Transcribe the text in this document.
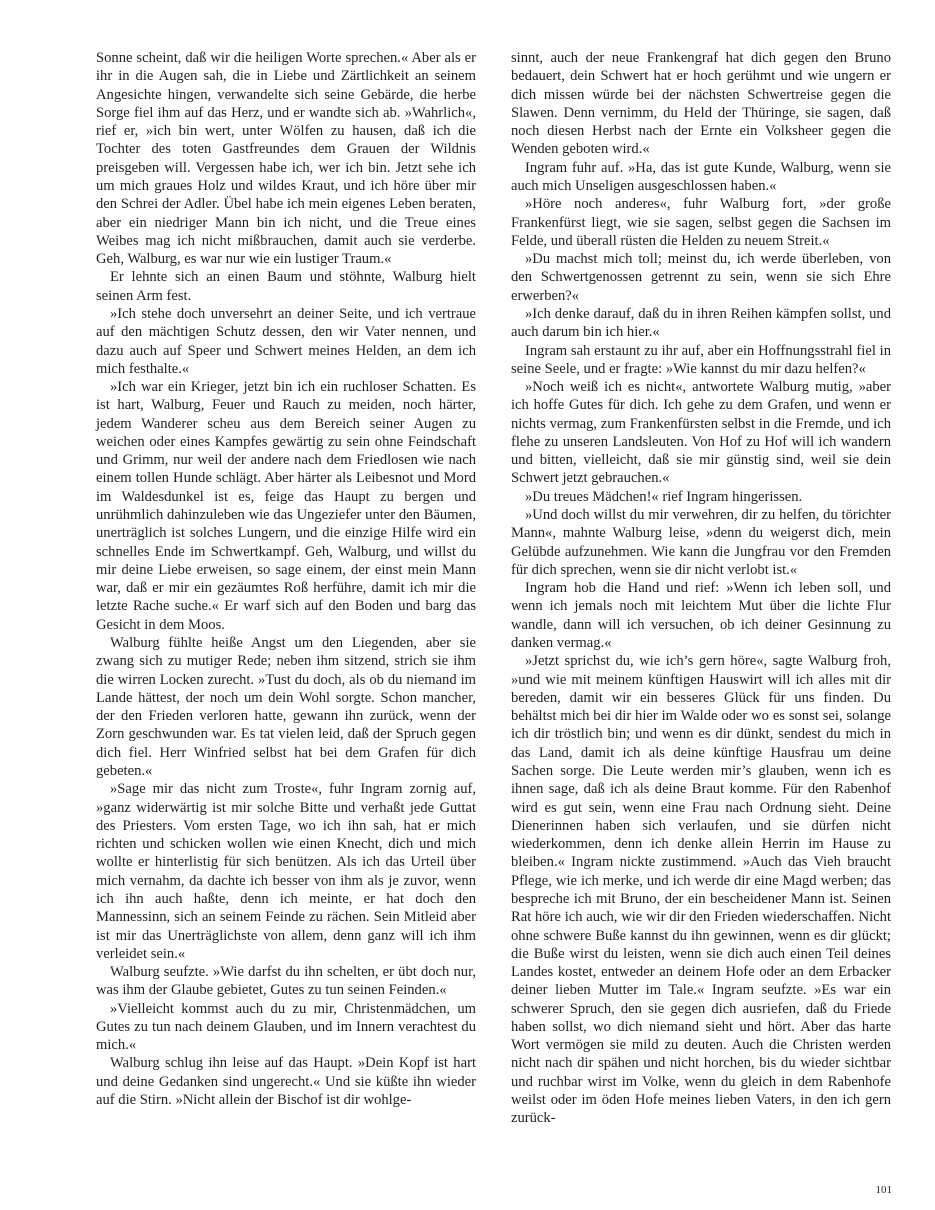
Sonne scheint, daß wir die heiligen Worte sprechen.« Aber als er ihr in die Augen sah, die in Liebe und Zärtlichkeit an seinem Angesichte hingen, verwandelte sich seine Gebärde, die herbe Sorge fiel ihm auf das Herz, und er wandte sich ab. »Wahrlich«, rief er, »ich bin wert, unter Wölfen zu hausen, daß ich die Tochter des toten Gastfreundes dem Grauen der Wildnis preisgeben will. Vergessen habe ich, wer ich bin. Jetzt sehe ich um mich graues Holz und wildes Kraut, und ich höre über mir den Schrei der Adler. Übel habe ich mein eigenes Leben beraten, aber ein niedriger Mann bin ich nicht, und die Treue eines Weibes mag ich nicht mißbrauchen, damit auch sie verderbe. Geh, Walburg, es war nur wie ein lustiger Traum.«

Er lehnte sich an einen Baum und stöhnte, Walburg hielt seinen Arm fest.

»Ich stehe doch unversehrt an deiner Seite, und ich vertraue auf den mächtigen Schutz dessen, den wir Vater nennen, und dazu auch auf Speer und Schwert meines Helden, an dem ich mich festhalte.«

»Ich war ein Krieger, jetzt bin ich ein ruchloser Schatten. Es ist hart, Walburg, Feuer und Rauch zu meiden, noch härter, jedem Wanderer scheu aus dem Bereich seiner Augen zu weichen oder eines Kampfes gewärtig zu sein ohne Feindschaft und Grimm, nur weil der andere nach dem Friedlosen wie nach einem tollen Hunde schlägt. Aber härter als Leibesnot und Mord im Waldesdunkel ist es, feige das Haupt zu bergen und unrühmlich dahinzuleben wie das Ungeziefer unter den Bäumen, unerträglich ist solches Lungern, und die einzige Hilfe wird ein schnelles Ende im Schwertkampf. Geh, Walburg, und willst du mir deine Liebe erweisen, so sage einem, der einst mein Mann war, daß er mir ein gezäumtes Roß herführe, damit ich mir die letzte Rache suche.« Er warf sich auf den Boden und barg das Gesicht in dem Moos.

Walburg fühlte heiße Angst um den Liegenden, aber sie zwang sich zu mutiger Rede; neben ihm sitzend, strich sie ihm die wirren Locken zurecht. »Tust du doch, als ob du niemand im Lande hättest, der noch um dein Wohl sorgte. Schon mancher, der den Frieden verloren hatte, gewann ihn zurück, wenn der Zorn geschwunden war. Es tat vielen leid, daß der Spruch gegen dich fiel. Herr Winfried selbst hat bei dem Grafen für dich gebeten.«

»Sage mir das nicht zum Troste«, fuhr Ingram zornig auf, »ganz widerwärtig ist mir solche Bitte und verhaßt jede Guttat des Priesters. Vom ersten Tage, wo ich ihn sah, hat er mich richten und schicken wollen wie einen Knecht, dich und mich wollte er hinterlistig für sich benützen. Als ich das Urteil über mich vernahm, da dachte ich besser von ihm als je zuvor, wenn ich ihn auch haßte, denn ich meinte, er hat doch den Mannessinn, sich an seinem Feinde zu rächen. Sein Mitleid aber ist mir das Unerträglichste von allem, denn ganz will ich ihm verleidet sein.«

Walburg seufzte. »Wie darfst du ihn schelten, er übt doch nur, was ihm der Glaube gebietet, Gutes zu tun seinen Feinden.«

»Vielleicht kommst auch du zu mir, Christenmädchen, um Gutes zu tun nach deinem Glauben, und im Innern verachtest du mich.«

Walburg schlug ihn leise auf das Haupt. »Dein Kopf ist hart und deine Gedanken sind ungerecht.« Und sie küßte ihn wieder auf die Stirn. »Nicht allein der Bischof ist dir wohlge-

sinnt, auch der neue Frankengraf hat dich gegen den Bruno bedauert, dein Schwert hat er hoch gerühmt und wie ungern er dich missen würde bei der nächsten Schwertreise gegen die Slawen. Denn vernimm, du Held der Thüringe, sie sagen, daß noch diesen Herbst nach der Ernte ein Volksheer gegen die Wenden geboten wird.«

Ingram fuhr auf. »Ha, das ist gute Kunde, Walburg, wenn sie auch mich Unseligen ausgeschlossen haben.«

»Höre noch anderes«, fuhr Walburg fort, »der große Frankenfürst liegt, wie sie sagen, selbst gegen die Sachsen im Felde, und überall rüsten die Helden zu neuem Streit.«

»Du machst mich toll; meinst du, ich werde überleben, von den Schwertgenossen getrennt zu sein, wenn sie sich Ehre erwerben?«

»Ich denke darauf, daß du in ihren Reihen kämpfen sollst, und auch darum bin ich hier.«

Ingram sah erstaunt zu ihr auf, aber ein Hoffnungsstrahl fiel in seine Seele, und er fragte: »Wie kannst du mir dazu helfen?«

»Noch weiß ich es nicht«, antwortete Walburg mutig, »aber ich hoffe Gutes für dich. Ich gehe zu dem Grafen, und wenn er nichts vermag, zum Frankenfürsten selbst in die Fremde, und ich flehe zu unseren Landsleuten. Von Hof zu Hof will ich wandern und bitten, vielleicht, daß sie mir günstig sind, weil sie dein Schwert jetzt gebrauchen.«

»Du treues Mädchen!« rief Ingram hingerissen.

»Und doch willst du mir verwehren, dir zu helfen, du törichter Mann«, mahnte Walburg leise, »denn du weigerst dich, mein Gelübde aufzunehmen. Wie kann die Jungfrau vor den Fremden für dich sprechen, wenn sie dir nicht verlobt ist.«

Ingram hob die Hand und rief: »Wenn ich leben soll, und wenn ich jemals noch mit leichtem Mut über die lichte Flur wandle, dann will ich versuchen, ob ich deiner Gesinnung zu danken vermag.«

»Jetzt sprichst du, wie ich’s gern höre«, sagte Walburg froh, »und wie mit meinem künftigen Hauswirt will ich alles mit dir bereden, damit wir ein besseres Glück für uns finden. Du behältst mich bei dir hier im Walde oder wo es sonst sei, solange ich dir tröstlich bin; und wenn es dir dünkt, sendest du mich in das Land, damit ich als deine künftige Hausfrau um deine Sachen sorge. Die Leute werden mir’s glauben, wenn ich es ihnen sage, daß ich als deine Braut komme. Für den Rabenhof wird es gut sein, wenn eine Frau nach Ordnung sieht. Deine Dienerinnen haben sich verlaufen, und sie dürfen nicht wiederkommen, denn ich denke allein Herrin im Hause zu bleiben.« Ingram nickte zustimmend. »Auch das Vieh braucht Pflege, wie ich merke, und ich werde dir eine Magd werben; das bespreche ich mit Bruno, der ein bescheidener Mann ist. Seinen Rat höre ich auch, wie wir dir den Frieden wiederschaffen. Nicht ohne schwere Buße kannst du ihn gewinnen, wenn es dir glückt; die Buße wirst du leisten, wenn sie dich auch einen Teil deines Landes kostet, entweder an deinem Hofe oder an dem Erbacker deiner lieben Mutter im Tale.« Ingram seufzte. »Es war ein schwerer Spruch, den sie gegen dich ausriefen, daß du Friede haben sollst, wo dich niemand sieht und hört. Aber das harte Wort vermögen sie mild zu deuten. Auch die Christen werden nicht nach dir spähen und nicht horchen, bis du wieder sichtbar und ruchbar wirst im Volke, wenn du gleich in dem Rabenhofe weilst oder im öden Hofe meines lieben Vaters, in den ich gern zurück-

101
